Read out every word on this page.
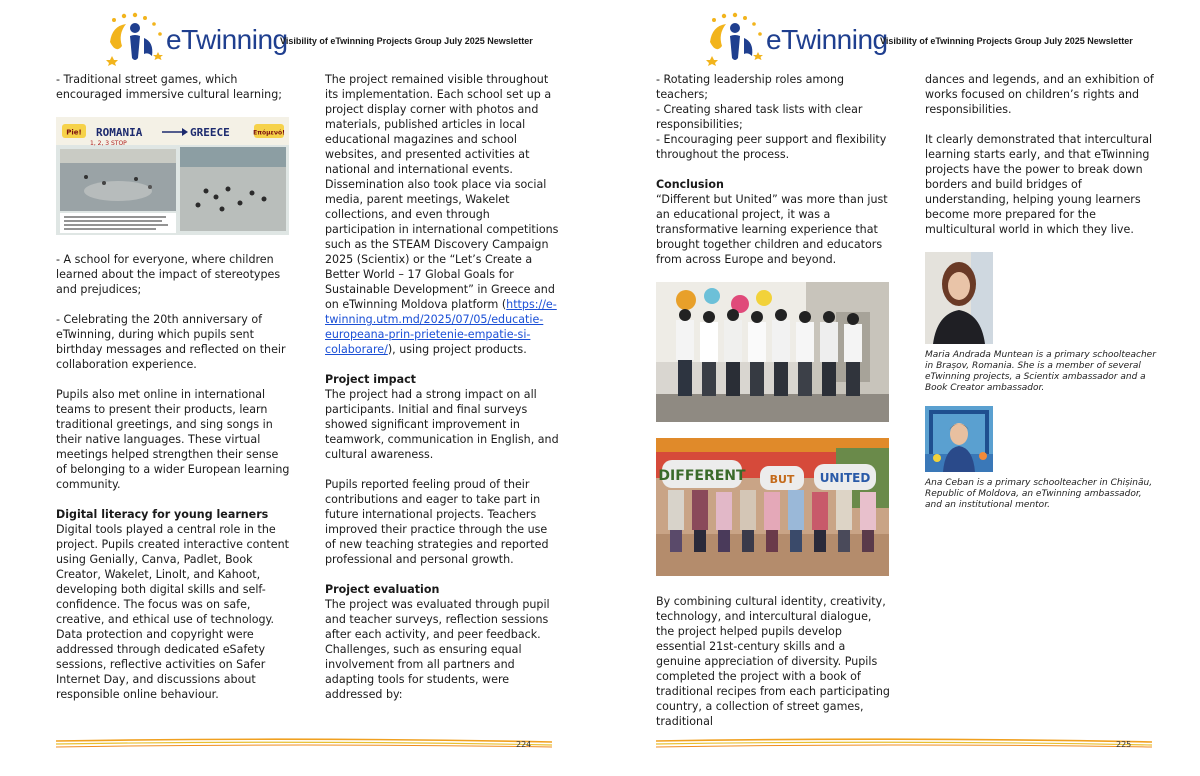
eTwinning
Visibility of eTwinning Projects Group July 2025 Newsletter

- Traditional street games, which encouraged immersive cultural learning;

Pie! ROMANIA	GREECE	Επόμενό!
1, 2, 3 STOP

- A school for everyone, where children learned about the impact of stereotypes and prejudices;

- Celebrating the 20th anniversary of eTwinning, during which pupils sent birthday messages and reflected on their collaboration experience.

Pupils also met online in international teams to present their products, learn traditional greetings, and sing songs in their native languages. These virtual meetings helped strengthen their sense of belonging to a wider European learning community.

Digital literacy for young learners

Digital tools played a central role in the project. Pupils created interactive content using Genially, Canva, Padlet, Book Creator, Wakelet, LinoIt, and Kahoot, developing both digital skills and self-confidence. The focus was on safe, creative, and ethical use of technology. Data protection and copyright were addressed through dedicated eSafety sessions, reflective activities on Safer Internet Day, and discussions about responsible online behaviour.

The project remained visible throughout its implementation. Each school set up a project display corner with photos and materials, published articles in local educational magazines and school websites, and presented activities at national and international events. Dissemination also took place via social media, parent meetings, Wakelet collections, and even through participation in international competitions such as the STEAM Discovery Campaign 2025 (Scientix) or the “Let’s Create a Better World – 17 Global Goals for Sustainable Development” in Greece and on eTwinning Moldova platform (https://e-twinning.utm.md/2025/07/05/educatie-europeana-prin-prietenie-empatie-si-colaborare/), using project products.

Project impact

The project had a strong impact on all participants. Initial and final surveys showed significant improvement in teamwork, communication in English, and cultural awareness.

Pupils reported feeling proud of their contributions and eager to take part in future international projects. Teachers improved their practice through the use of new teaching strategies and reported professional and personal growth.

Project evaluation

The project was evaluated through pupil and teacher surveys, reflection sessions after each activity, and peer feedback. Challenges, such as ensuring equal involvement from all partners and adapting tools for students, were addressed by:

224
eTwinning
Visibility of eTwinning Projects Group July 2025 Newsletter

- Rotating leadership roles among teachers;

- Creating shared task lists with clear responsibilities;

- Encouraging peer support and flexibility throughout the process.

Conclusion

“Different but United” was more than just an educational project, it was a transformative learning experience that brought together children and educators from across Europe and beyond.

DIFFERENT BUT UNITED

By combining cultural identity, creativity, technology, and intercultural dialogue, the project helped pupils develop essential 21st-century skills and a genuine appreciation of diversity. Pupils completed the project with a book of traditional recipes from each participating country, a collection of street games, traditional

dances and legends, and an exhibition of works focused on children’s rights and responsibilities.

It clearly demonstrated that intercultural learning starts early, and that eTwinning projects have the power to break down borders and build bridges of understanding, helping young learners become more prepared for the multicultural world in which they live.

Maria Andrada Muntean is a primary schoolteacher in Brașov, Romania. She is a member of several eTwinning projects, a Scientix ambassador and a Book Creator ambassador.

Ana Ceban is a primary schoolteacher in Chișinău, Republic of Moldova, an eTwinning ambassador, and an institutional mentor.

225
